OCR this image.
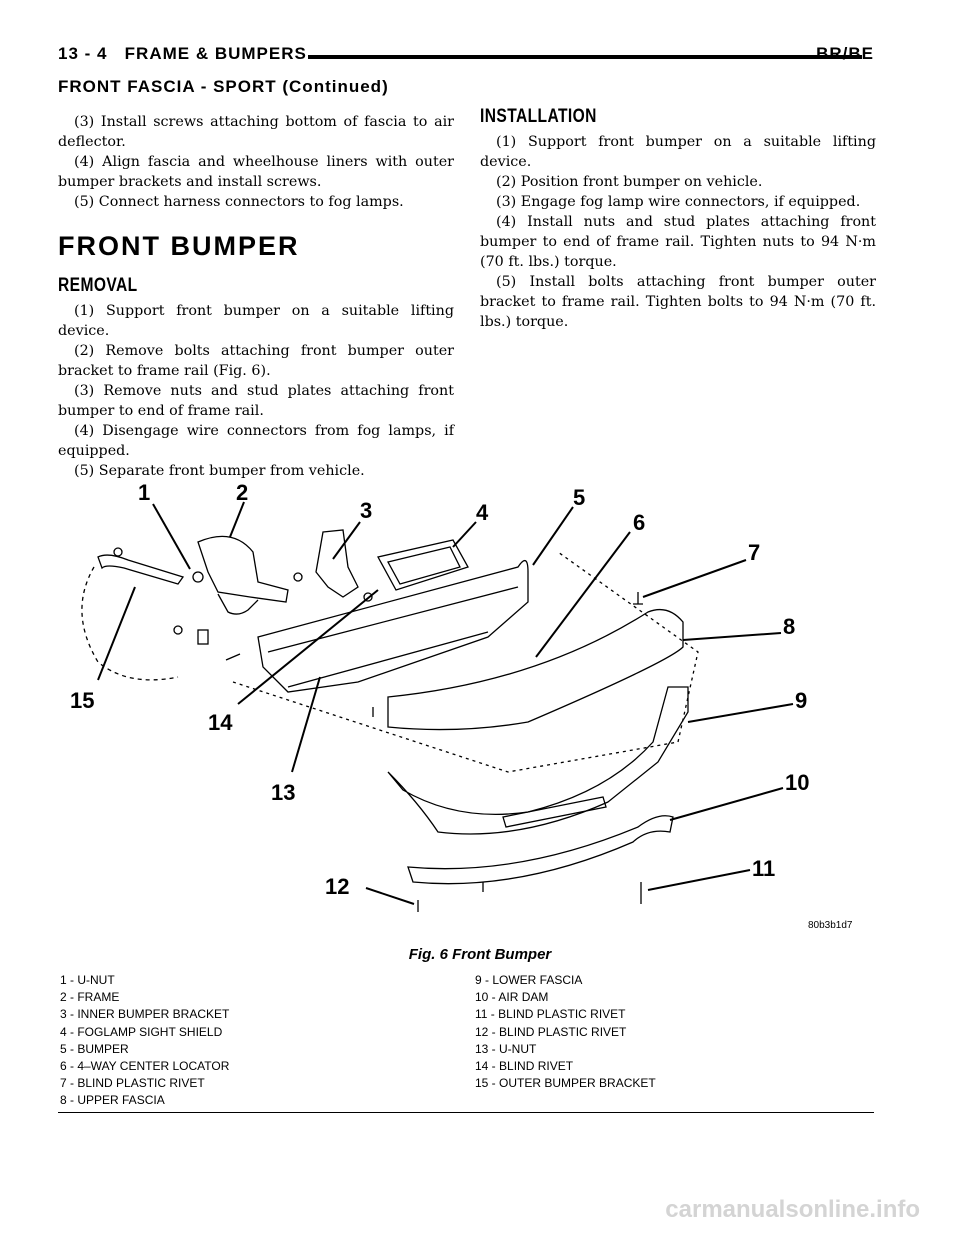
13 - 4 FRAME & BUMPERS	BR/BE
FRONT FASCIA - SPORT (Continued)

(3) Install screws attaching bottom of fascia to air deflector.

(4) Align fascia and wheelhouse liners with outer bumper brackets and install screws.

(5) Connect harness connectors to fog lamps.

FRONT BUMPER
REMOVAL

(1) Support front bumper on a suitable lifting device.

(2) Remove bolts attaching front bumper outer bracket to frame rail (Fig. 6).

(3) Remove nuts and stud plates attaching front bumper to end of frame rail.

(4) Disengage wire connectors from fog lamps, if equipped.

(5) Separate front bumper from vehicle.

INSTALLATION

(1) Support front bumper on a suitable lifting device.

(2) Position front bumper on vehicle.

(3) Engage fog lamp wire connectors, if equipped.

(4) Install nuts and stud plates attaching front bumper to end of frame rail. Tighten nuts to 94 N·m (70 ft. lbs.) torque.

(5) Install bolts attaching front bumper outer bracket to frame rail. Tighten bolts to 94 N·m (70 ft. lbs.) torque.

1	2
3	4
5
6
7
8
9
10
11
12
13
14
15
80b3b1d7
Fig. 6 Front Bumper
1 - U-NUT
2 - FRAME
3 - INNER BUMPER BRACKET
4 - FOGLAMP SIGHT SHIELD
5 - BUMPER
6 - 4–WAY CENTER LOCATOR
7 - BLIND PLASTIC RIVET
8 - UPPER FASCIA
9 - LOWER FASCIA
10 - AIR DAM
11 - BLIND PLASTIC RIVET
12 - BLIND PLASTIC RIVET
13 - U-NUT
14 - BLIND RIVET
15 - OUTER BUMPER BRACKET
carmanualsonline.info
